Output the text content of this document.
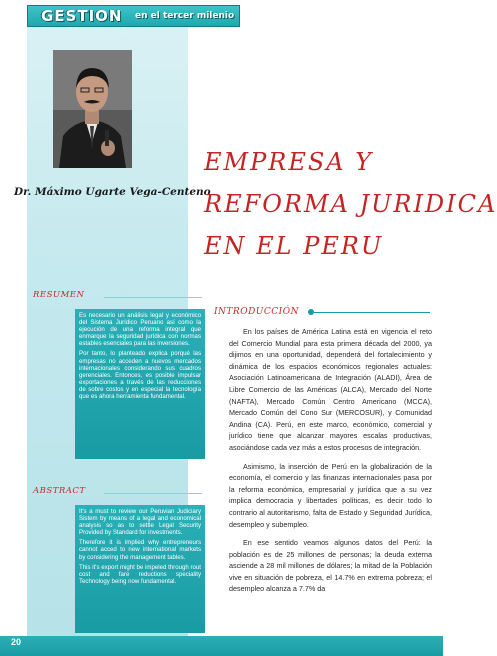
GESTION en el tercer milenio
Dr. Máximo Ugarte Vega-Centeno
EMPRESA Y
REFORMA JURIDICA
EN EL PERU
RESUMEN

Es necesario un análisis legal y económico del Sistema Jurídico Peruano así como la ejecución de una reforma integral que enmarque la seguridad jurídica con normas estables esenciales para las inversiones.

Por tanto, lo planteado explica porqué las empresas no acceden a nuevos mercados internacionales considerando sus cuadros gerenciales. Entonces, es posible impulsar exportaciones a través de las reducciones de sobre costos y en especial la tecnología que es ahora herramienta fundamental.

ABSTRACT

It's a must to review our Peruvian Judiciary Sistem by means of a legal and economical analysis so as to settle Legal Security Provided by Standard for investments.

Therefore it is implied why entrepreneurs cannot acced to new international markets by considering the management tables.

This it's export might be impeled through rout cost and fare reductions speciality Technology being now fundamental.

INTRODUCCIÓN

En los países de América Latina está en vigencia el reto del Comercio Mundial para esta primera década del 2000, ya dijimos en una oportunidad, dependerá del fortalecimiento y dinámica de los espacios económicos regionales actuales: Asociación Latinoamericana de Integración (ALADI), Área de Libre Comercio de las Américas (ALCA), Mercado del Norte (NAFTA), Mercado Común Centro Americano (MCCA), Mercado Común del Cono Sur (MERCOSUR), y Comunidad Andina (CA). Perú, en este marco, económico, comercial y jurídico tiene que alcanzar mayores escalas productivas, asociándose cada vez más a estos procesos de integración.

Asimismo, la inserción de Perú en la globalización de la economía, el comercio y las finanzas internacionales pasa por la reforma económica, empresarial y jurídica que a su vez implica democracia y libertades políticas, es decir todo lo contrario al autoritarismo, falta de Estado y Seguridad Jurídica, desempleo y subempleo.

En ese sentido veamos algunos datos del Perú: la población es de 25 millones de personas; la deuda externa asciende a 28 mil millones de dólares; la mitad de la Población vive en situación de pobreza, el 14.7% en extrema pobreza; el desempleo alcanza a 7.7% da

20
